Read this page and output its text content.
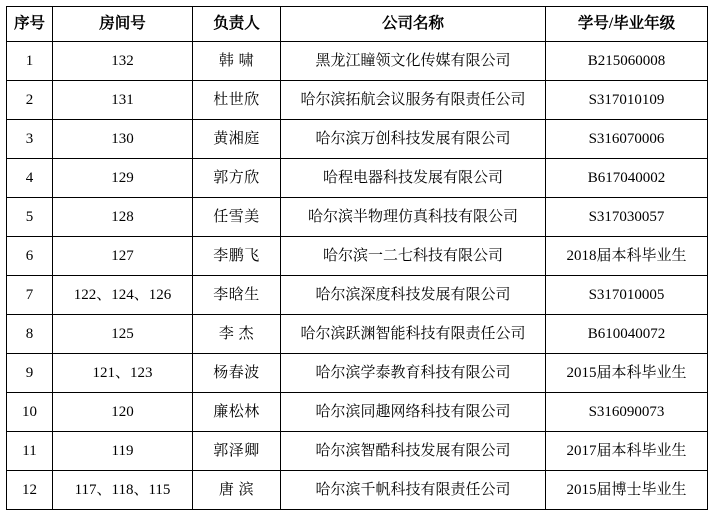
序号	房间号	负责人	公司名称	学号/毕业年级
1	132	韩 啸	黑龙江瞳领文化传媒有限公司	B215060008
2	131	杜世欣	哈尔滨拓航会议服务有限责任公司	S317010109
3	130	黄湘庭	哈尔滨万创科技发展有限公司	S316070006
4	129	郭方欣	哈程电器科技发展有限公司	B617040002
5	128	任雪美	哈尔滨半物理仿真科技有限公司	S317030057
6	127	李鹏飞	哈尔滨一二七科技有限公司	2018届本科毕业生
7	122、124、126	李晗生	哈尔滨深度科技发展有限公司	S317010005
8	125	李 杰	哈尔滨跃渊智能科技有限责任公司	B610040072
9	121、123	杨春波	哈尔滨学泰教育科技有限公司	2015届本科毕业生
10	120	廉松林	哈尔滨同趣网络科技有限公司	S316090073
11	119	郭泽卿	哈尔滨智酷科技发展有限公司	2017届本科毕业生
12	117、118、115	唐 滨	哈尔滨千帆科技有限责任公司	2015届博士毕业生
